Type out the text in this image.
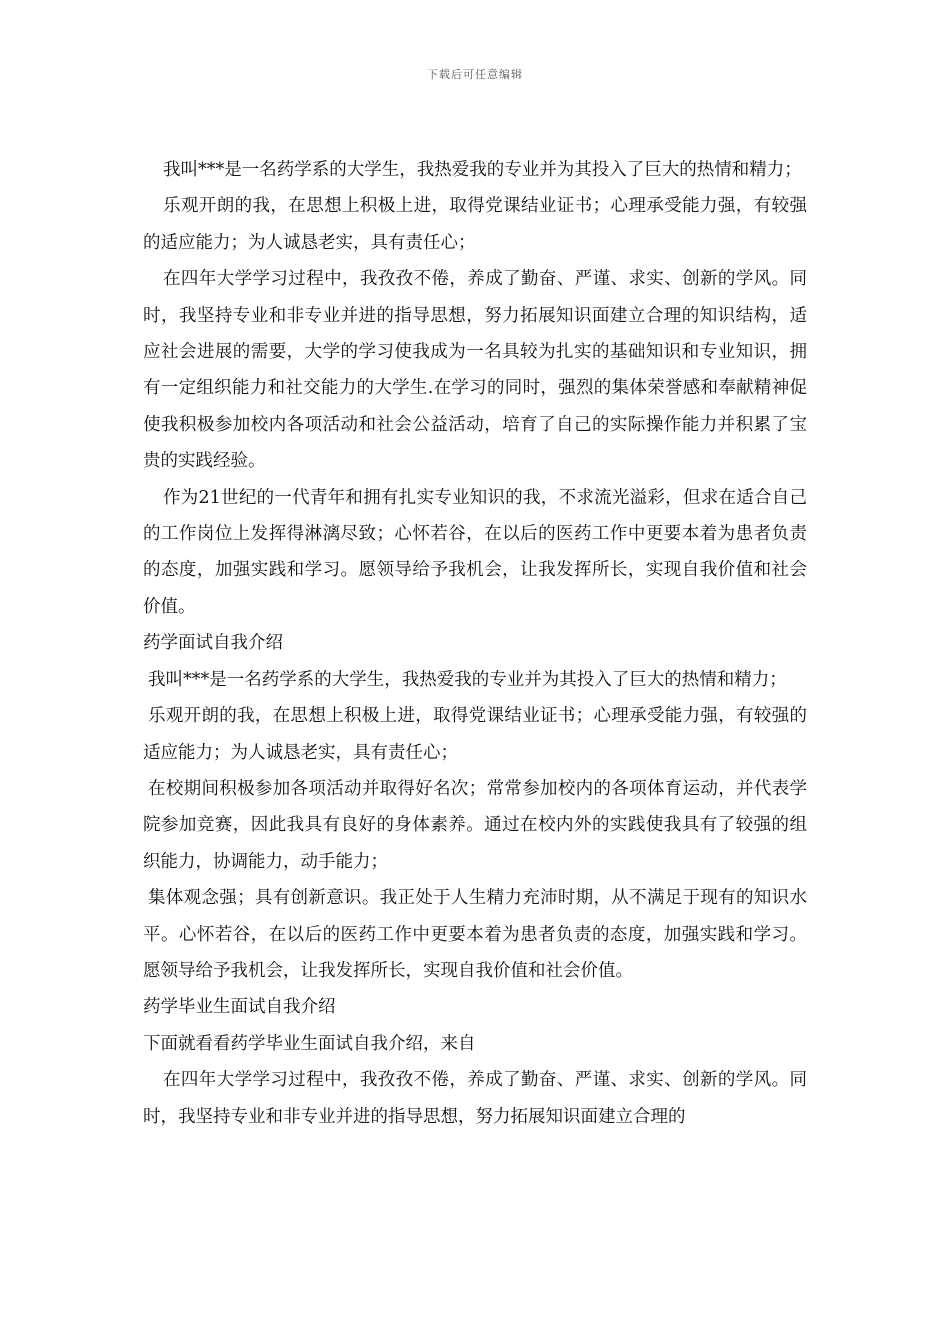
下载后可任意编辑

我叫***是一名药学系的大学生，我热爱我的专业并为其投入了巨大的热情和精力；

乐观开朗的我，在思想上积极上进，取得党课结业证书；心理承受能力强，有较强的适应能力；为人诚恳老实，具有责任心；

在四年大学学习过程中，我孜孜不倦，养成了勤奋、严谨、求实、创新的学风。同时，我坚持专业和非专业并进的指导思想，努力拓展知识面建立合理的知识结构，适应社会进展的需要，大学的学习使我成为一名具较为扎实的基础知识和专业知识，拥有一定组织能力和社交能力的大学生.在学习的同时，强烈的集体荣誉感和奉献精神促使我积极参加校内各项活动和社会公益活动，培育了自己的实际操作能力并积累了宝贵的实践经验。

作为21世纪的一代青年和拥有扎实专业知识的我，不求流光溢彩，但求在适合自己的工作岗位上发挥得淋漓尽致；心怀若谷，在以后的医药工作中更要本着为患者负责的态度，加强实践和学习。愿领导给予我机会，让我发挥所长，实现自我价值和社会价值。

药学面试自我介绍

我叫***是一名药学系的大学生，我热爱我的专业并为其投入了巨大的热情和精力；

乐观开朗的我，在思想上积极上进，取得党课结业证书；心理承受能力强，有较强的适应能力；为人诚恳老实，具有责任心；

在校期间积极参加各项活动并取得好名次；常常参加校内的各项体育运动，并代表学院参加竞赛，因此我具有良好的身体素养。通过在校内外的实践使我具有了较强的组织能力，协调能力，动手能力；

集体观念强；具有创新意识。我正处于人生精力充沛时期，从不满足于现有的知识水平。心怀若谷，在以后的医药工作中更要本着为患者负责的态度，加强实践和学习。愿领导给予我机会，让我发挥所长，实现自我价值和社会价值。

药学毕业生面试自我介绍

下面就看看药学毕业生面试自我介绍，来自

在四年大学学习过程中，我孜孜不倦，养成了勤奋、严谨、求实、创新的学风。同时，我坚持专业和非专业并进的指导思想，努力拓展知识面建立合理的
